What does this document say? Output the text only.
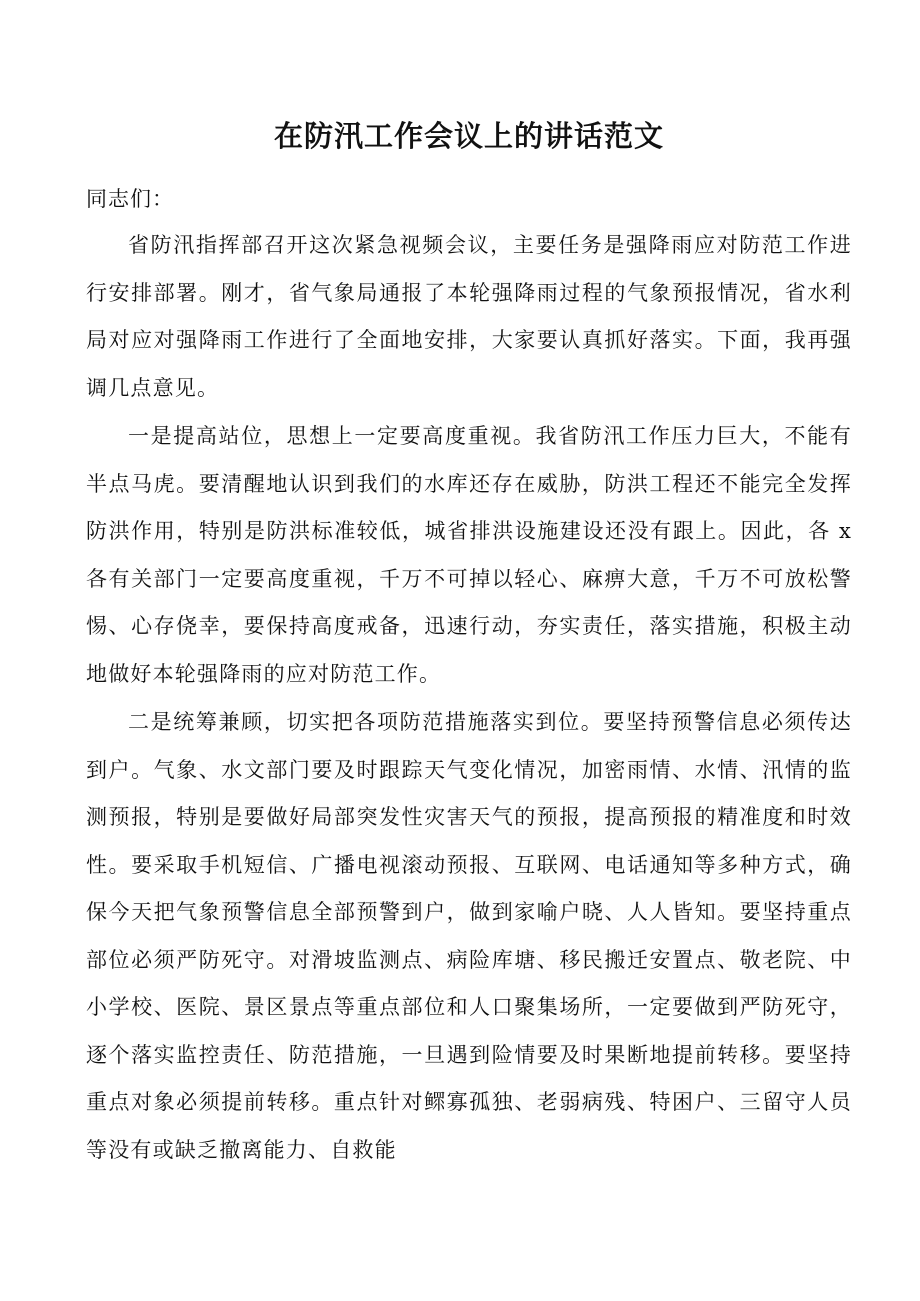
在防汛工作会议上的讲话范文

同志们：

省防汛指挥部召开这次紧急视频会议，主要任务是强降雨应对防范工作进行安排部署。刚才，省气象局通报了本轮强降雨过程的气象预报情况，省水利局对应对强降雨工作进行了全面地安排，大家要认真抓好落实。下面，我再强调几点意见。

一是提高站位，思想上一定要高度重视。我省防汛工作压力巨大，不能有半点马虎。要清醒地认识到我们的水库还存在威胁，防洪工程还不能完全发挥防洪作用，特别是防洪标准较低，城省排洪设施建设还没有跟上。因此，各 x 各有关部门一定要高度重视，千万不可掉以轻心、麻痹大意，千万不可放松警惕、心存侥幸，要保持高度戒备，迅速行动，夯实责任，落实措施，积极主动地做好本轮强降雨的应对防范工作。

二是统筹兼顾，切实把各项防范措施落实到位。要坚持预警信息必须传达到户。气象、水文部门要及时跟踪天气变化情况，加密雨情、水情、汛情的监测预报，特别是要做好局部突发性灾害天气的预报，提高预报的精准度和时效性。要采取手机短信、广播电视滚动预报、互联网、电话通知等多种方式，确保今天把气象预警信息全部预警到户，做到家喻户晓、人人皆知。要坚持重点部位必须严防死守。对滑坡监测点、病险库塘、移民搬迁安置点、敬老院、中小学校、医院、景区景点等重点部位和人口聚集场所，一定要做到严防死守，逐个落实监控责任、防范措施，一旦遇到险情要及时果断地提前转移。要坚持重点对象必须提前转移。重点针对鳏寡孤独、老弱病残、特困户、三留守人员等没有或缺乏撤离能力、自救能
